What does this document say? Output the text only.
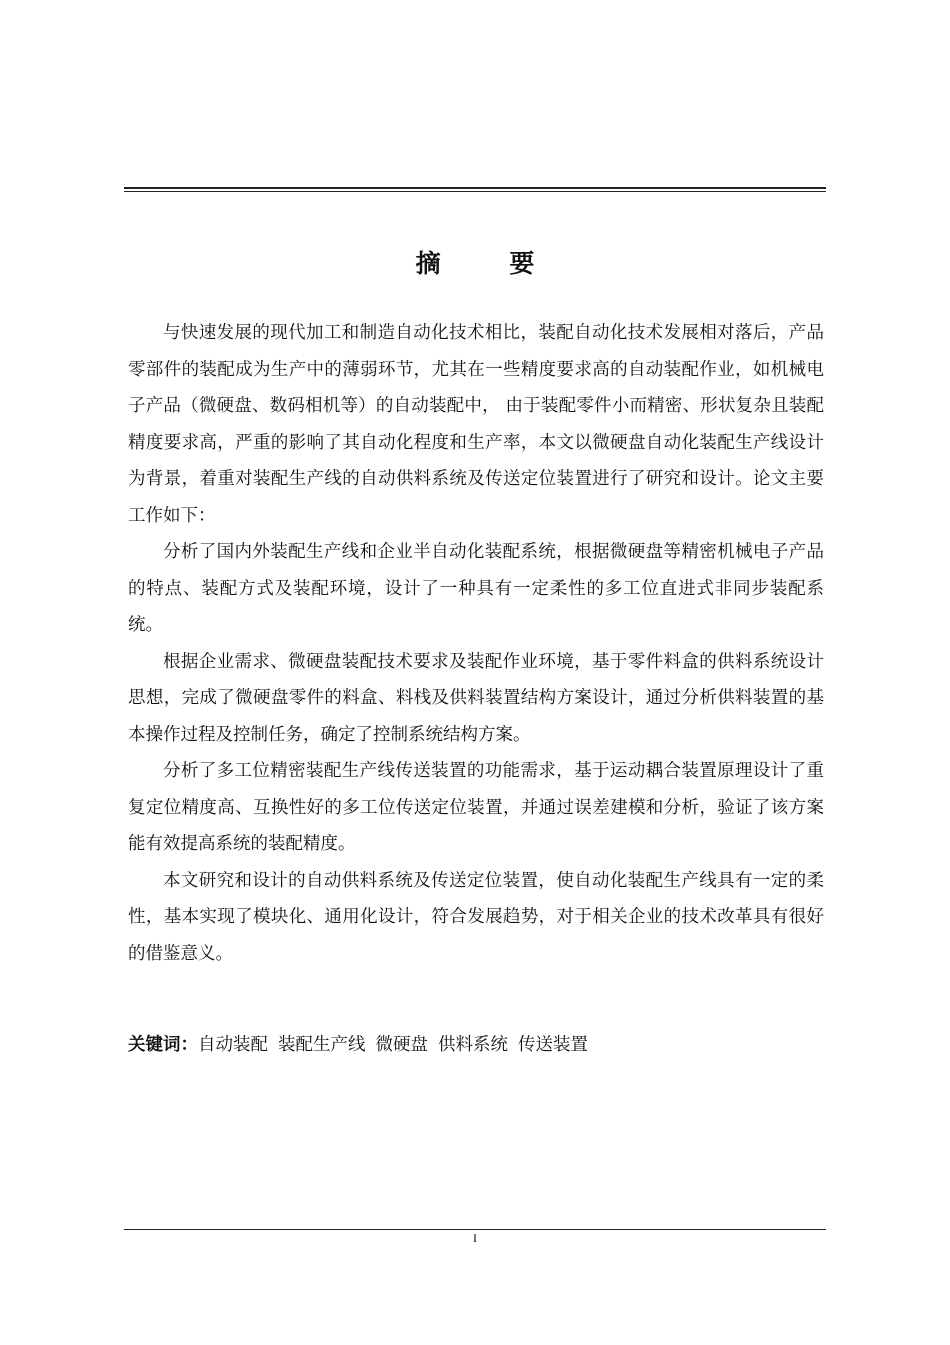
摘 要

与快速发展的现代加工和制造自动化技术相比，装配自动化技术发展相对落后，产品零部件的装配成为生产中的薄弱环节，尤其在一些精度要求高的自动装配作业，如机械电子产品（微硬盘、数码相机等）的自动装配中， 由于装配零件小而精密、形状复杂且装配精度要求高，严重的影响了其自动化程度和生产率，本文以微硬盘自动化装配生产线设计为背景，着重对装配生产线的自动供料系统及传送定位装置进行了研究和设计。论文主要工作如下：

分析了国内外装配生产线和企业半自动化装配系统，根据微硬盘等精密机械电子产品的特点、装配方式及装配环境，设计了一种具有一定柔性的多工位直进式非同步装配系统。

根据企业需求、微硬盘装配技术要求及装配作业环境，基于零件料盒的供料系统设计思想，完成了微硬盘零件的料盒、料栈及供料装置结构方案设计，通过分析供料装置的基本操作过程及控制任务，确定了控制系统结构方案。

分析了多工位精密装配生产线传送装置的功能需求，基于运动耦合装置原理设计了重复定位精度高、互换性好的多工位传送定位装置，并通过误差建模和分析，验证了该方案能有效提高系统的装配精度。

本文研究和设计的自动供料系统及传送定位装置，使自动化装配生产线具有一定的柔性，基本实现了模块化、通用化设计，符合发展趋势，对于相关企业的技术改革具有很好的借鉴意义。

关键词：自动装配 装配生产线 微硬盘 供料系统 传送装置
I
